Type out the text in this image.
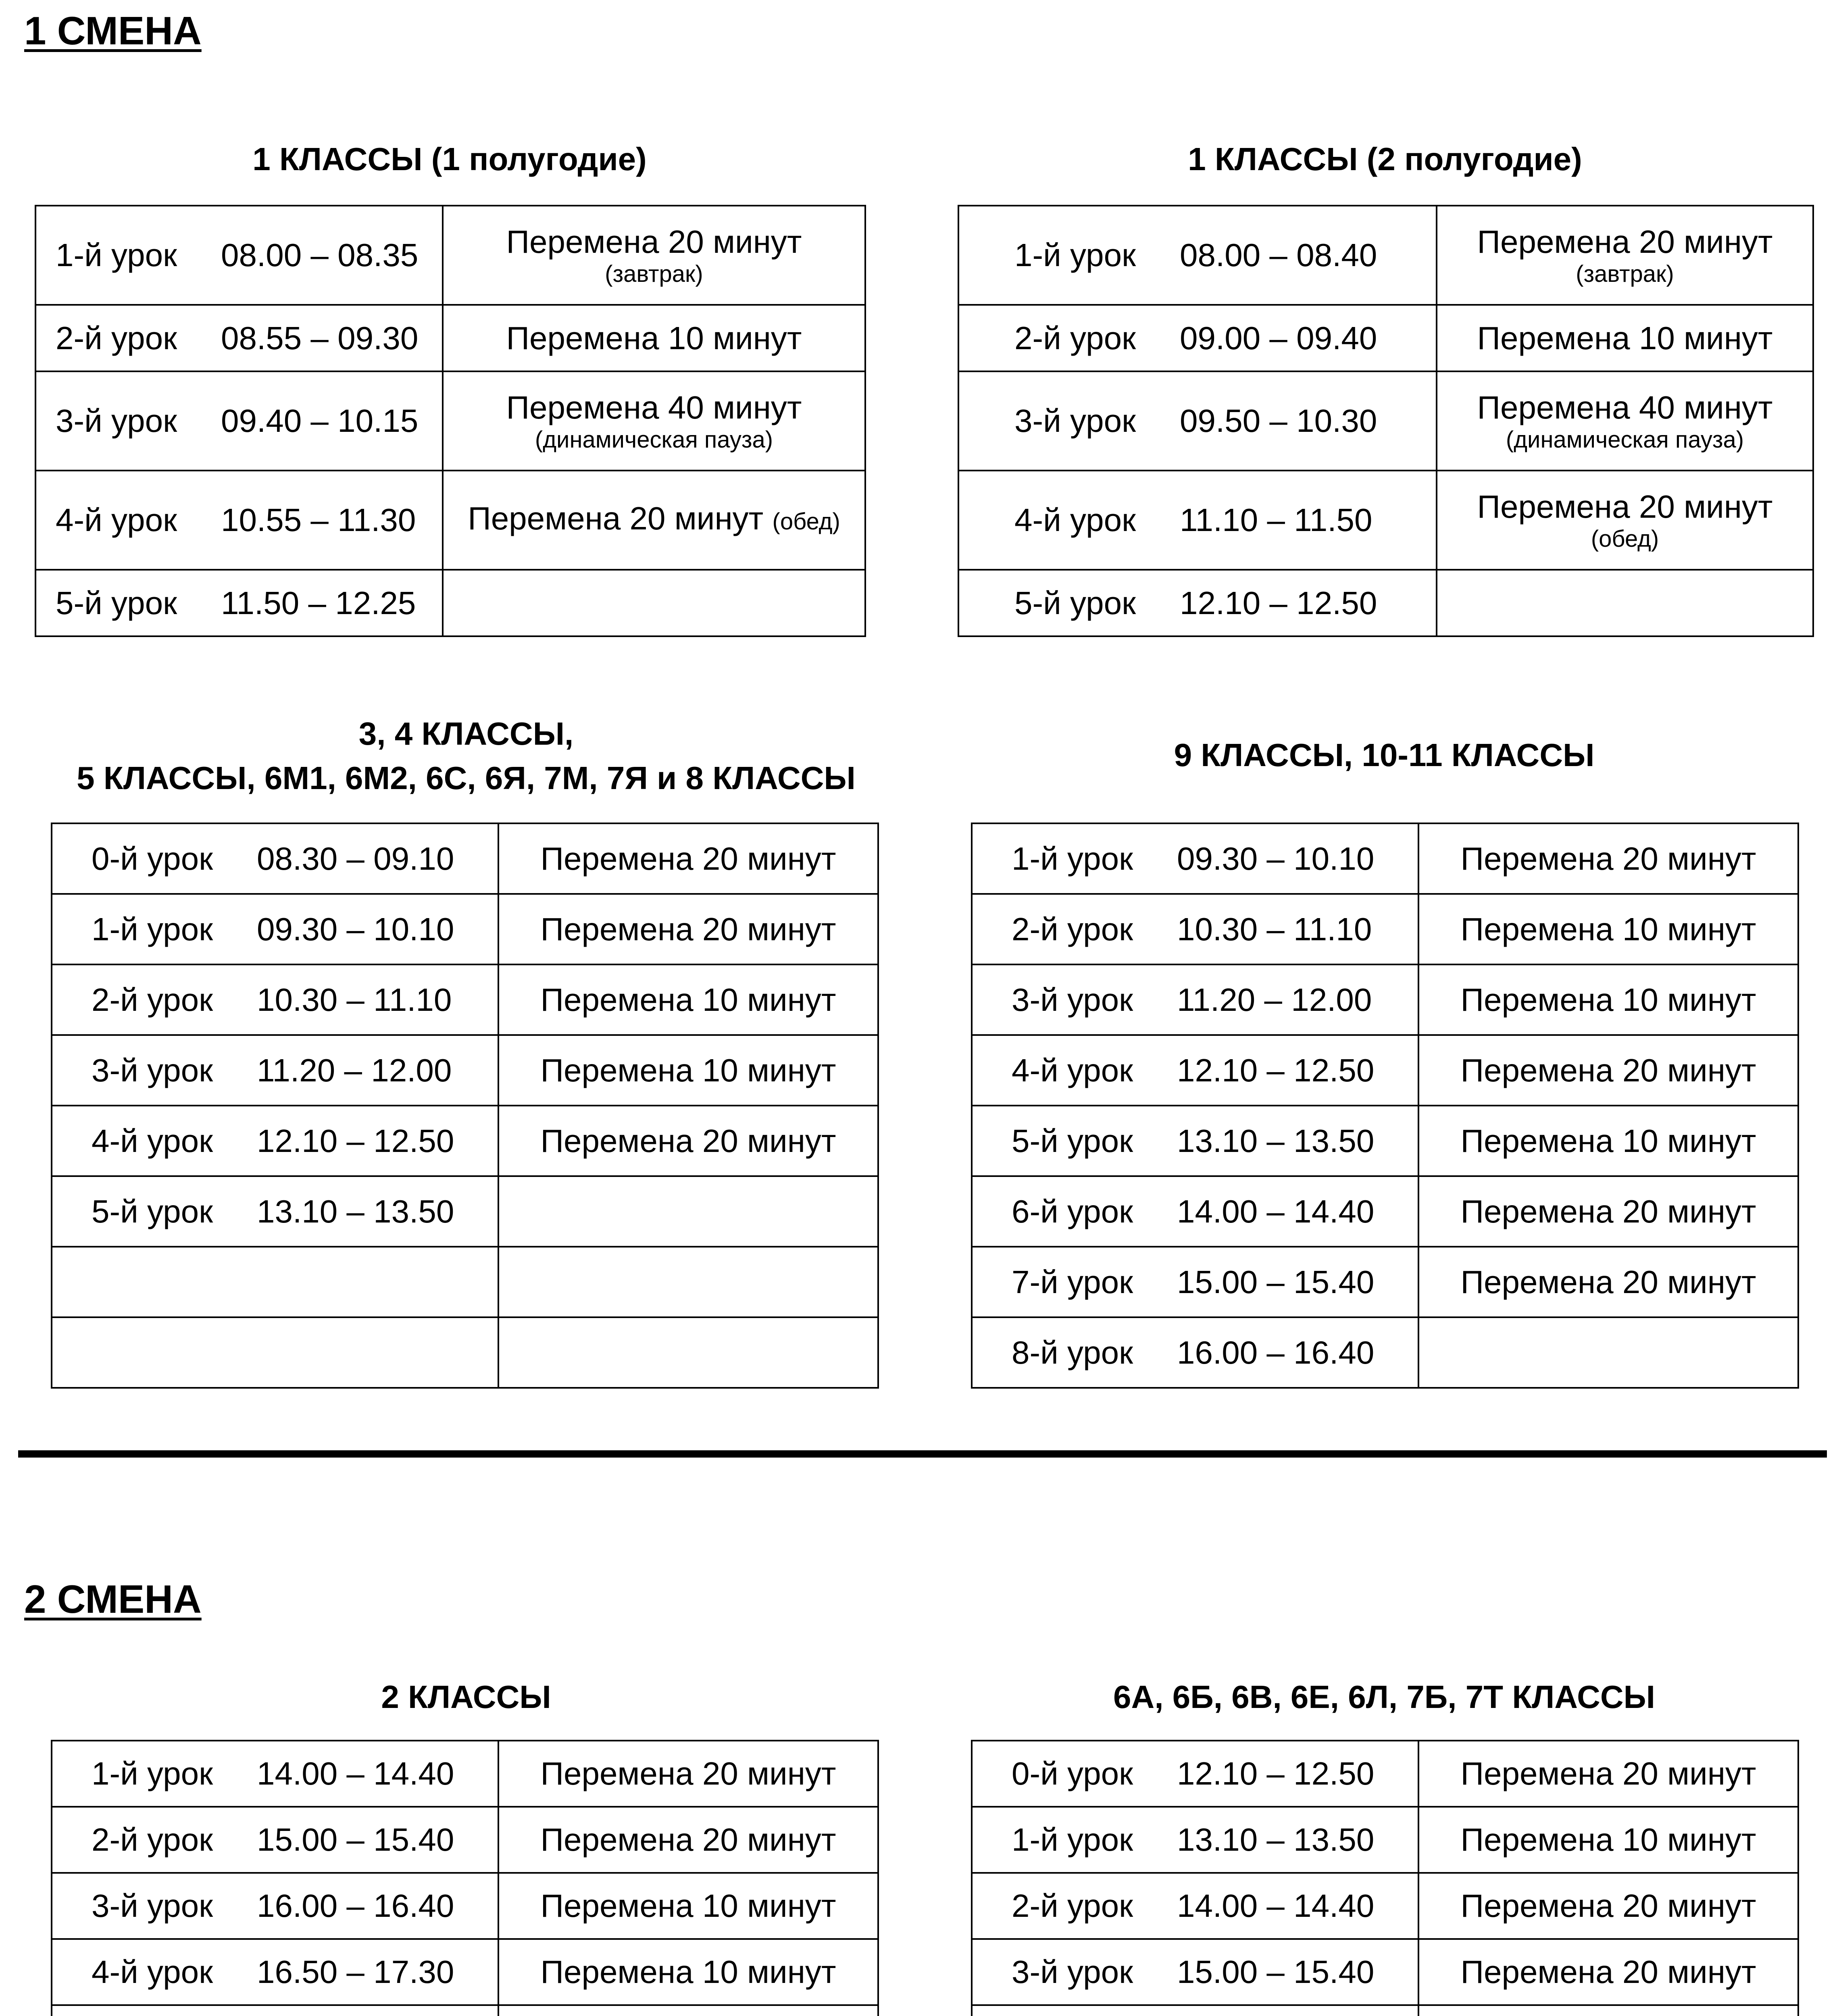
1 СМЕНА
1 КЛАССЫ (1 полугодие)
1-й урок 08.00 – 08.35	Перемена 20 минут
(завтрак)

2-й урок 08.55 – 09.30	Перемена 10 минут
3-й урок 09.40 – 10.15	Перемена 40 минут
(динамическая пауза)

4-й урок 10.55 – 11.30	Перемена 20 минут (обед)
5-й урок 11.50 – 12.25	
1 КЛАССЫ (2 полугодие)
1-й урок 08.00 – 08.40	Перемена 20 минут
(завтрак)

2-й урок 09.00 – 09.40	Перемена 10 минут
3-й урок 09.50 – 10.30	Перемена 40 минут
(динамическая пауза)

4-й урок 11.10 – 11.50	Перемена 20 минут
(обед)

5-й урок 12.10 – 12.50	
3, 4 КЛАССЫ,
5 КЛАССЫ, 6М1, 6М2, 6С, 6Я, 7М, 7Я и 8 КЛАССЫ
0-й урок 08.30 – 09.10	Перемена 20 минут
1-й урок 09.30 – 10.10	Перемена 20 минут
2-й урок 10.30 – 11.10	Перемена 10 минут
3-й урок 11.20 – 12.00	Перемена 10 минут
4-й урок 12.10 – 12.50	Перемена 20 минут
5-й урок 13.10 – 13.50	

9 КЛАССЫ, 10-11 КЛАССЫ
1-й урок 09.30 – 10.10	Перемена 20 минут
2-й урок 10.30 – 11.10	Перемена 10 минут
3-й урок 11.20 – 12.00	Перемена 10 минут
4-й урок 12.10 – 12.50	Перемена 20 минут
5-й урок 13.10 – 13.50	Перемена 10 минут
6-й урок 14.00 – 14.40	Перемена 20 минут
7-й урок 15.00 – 15.40	Перемена 20 минут
8-й урок 16.00 – 16.40	
2 СМЕНА
2 КЛАССЫ
1-й урок 14.00 – 14.40	Перемена 20 минут
2-й урок 15.00 – 15.40	Перемена 20 минут
3-й урок 16.00 – 16.40	Перемена 10 минут
4-й урок 16.50 – 17.30	Перемена 10 минут

6А, 6Б, 6В, 6Е, 6Л, 7Б, 7Т КЛАССЫ
0-й урок 12.10 – 12.50	Перемена 20 минут
1-й урок 13.10 – 13.50	Перемена 10 минут
2-й урок 14.00 – 14.40	Перемена 20 минут
3-й урок 15.00 – 15.40	Перемена 20 минут
